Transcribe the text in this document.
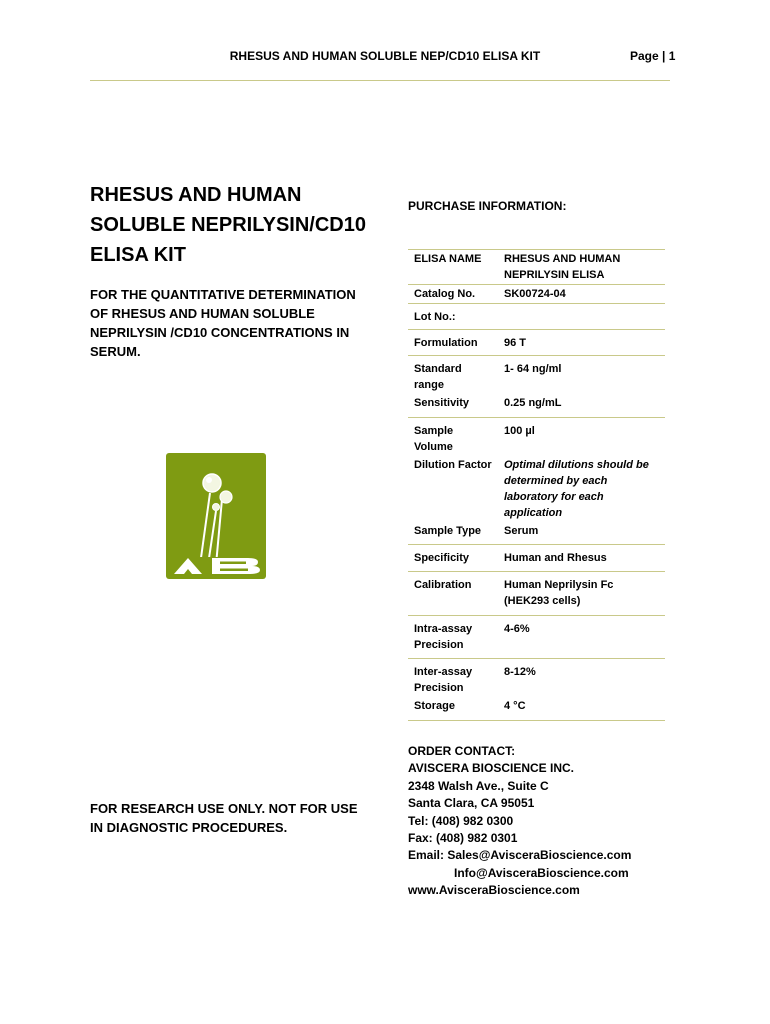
RHESUS AND HUMAN SOLUBLE NEP/CD10 ELISA KIT	Page | 1
RHESUS AND HUMAN
SOLUBLE NEPRILYSIN/CD10
ELISA KIT
FOR THE QUANTITATIVE DETERMINATION
OF RHESUS AND HUMAN SOLUBLE
NEPRILYSIN /CD10 CONCENTRATIONS IN
SERUM.
FOR RESEARCH USE ONLY. NOT FOR USE
IN DIAGNOSTIC PROCEDURES.
PURCHASE INFORMATION:
ELISA NAME	RHESUS AND HUMAN NEPRILYSIN ELISA
Catalog No.	SK00724-04
Lot No.:	
Formulation	96 T
Standard range	1- 64 ng/ml
Sensitivity	0.25 ng/mL
Sample Volume	100 µl
Dilution Factor	Optimal dilutions should be determined by each laboratory for each application
Sample Type	Serum
Specificity	Human and Rhesus
Calibration	Human Neprilysin Fc (HEK293 cells)
Intra-assay Precision	4-6%
Inter-assay Precision	8-12%
Storage	4 °C
ORDER CONTACT:
AVISCERA BIOSCIENCE INC.
2348 Walsh Ave., Suite C
Santa Clara, CA 95051
Tel: (408) 982 0300
Fax: (408) 982 0301
Email: Sales@AvisceraBioscience.com
Info@AvisceraBioscience.com
www.AvisceraBioscience.com
